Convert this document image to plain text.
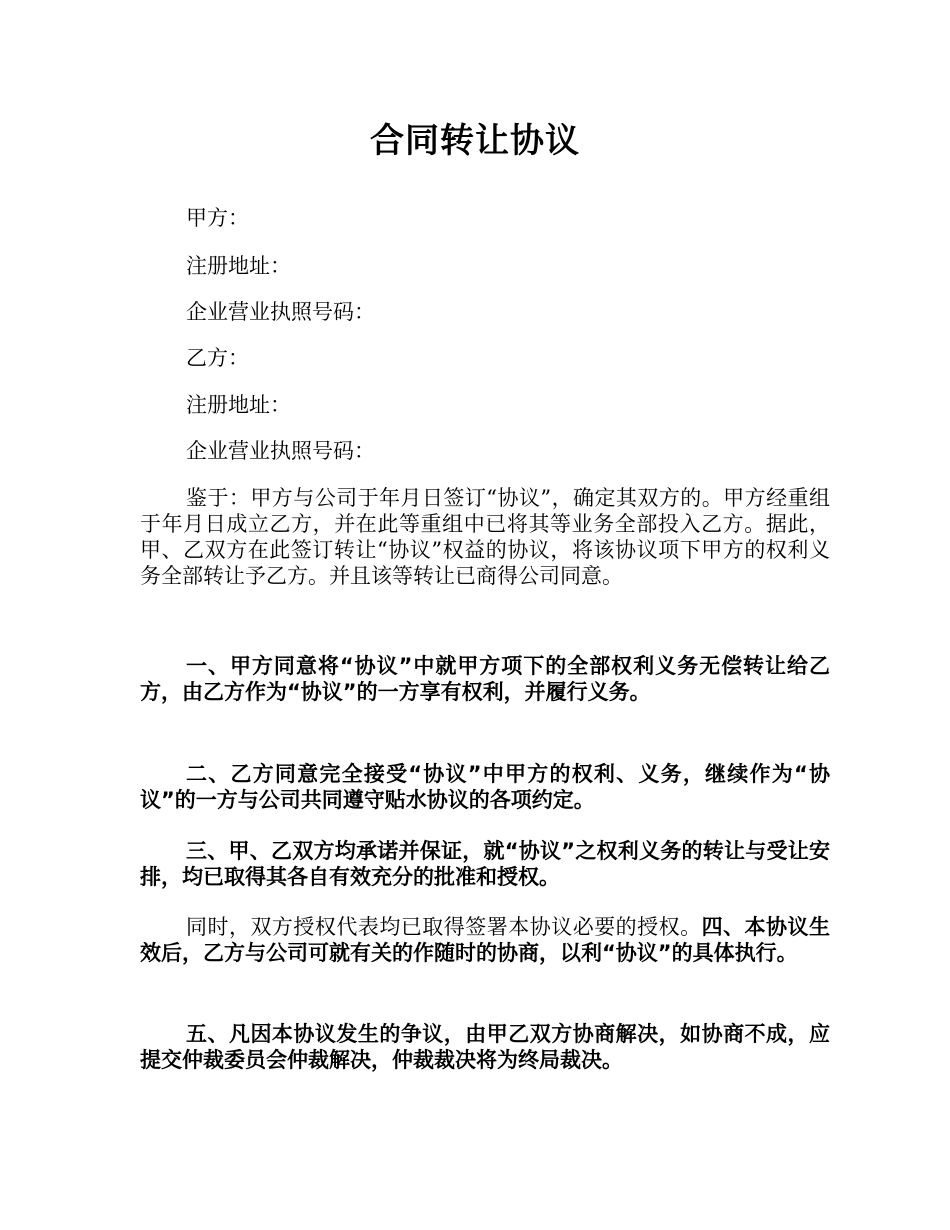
合同转让协议

甲方：

注册地址：

企业营业执照号码：

乙方：

注册地址：

企业营业执照号码：

鉴于：甲方与公司于年月日签订“协议”，确定其双方的。甲方经重组于年月日成立乙方，并在此等重组中已将其等业务全部投入乙方。据此，甲、乙双方在此签订转让“协议”权益的协议，将该协议项下甲方的权利义务全部转让予乙方。并且该等转让已商得公司同意。

一、甲方同意将“协议”中就甲方项下的全部权利义务无偿转让给乙方，由乙方作为“协议”的一方享有权利，并履行义务。

二、乙方同意完全接受“协议”中甲方的权利、义务，继续作为“协议”的一方与公司共同遵守贴水协议的各项约定。

三、甲、乙双方均承诺并保证，就“协议”之权利义务的转让与受让安排，均已取得其各自有效充分的批准和授权。

同时，双方授权代表均已取得签署本协议必要的授权。四、本协议生效后，乙方与公司可就有关的作随时的协商，以利“协议”的具体执行。

五、凡因本协议发生的争议，由甲乙双方协商解决，如协商不成，应提交仲裁委员会仲裁解决，仲裁裁决将为终局裁决。
